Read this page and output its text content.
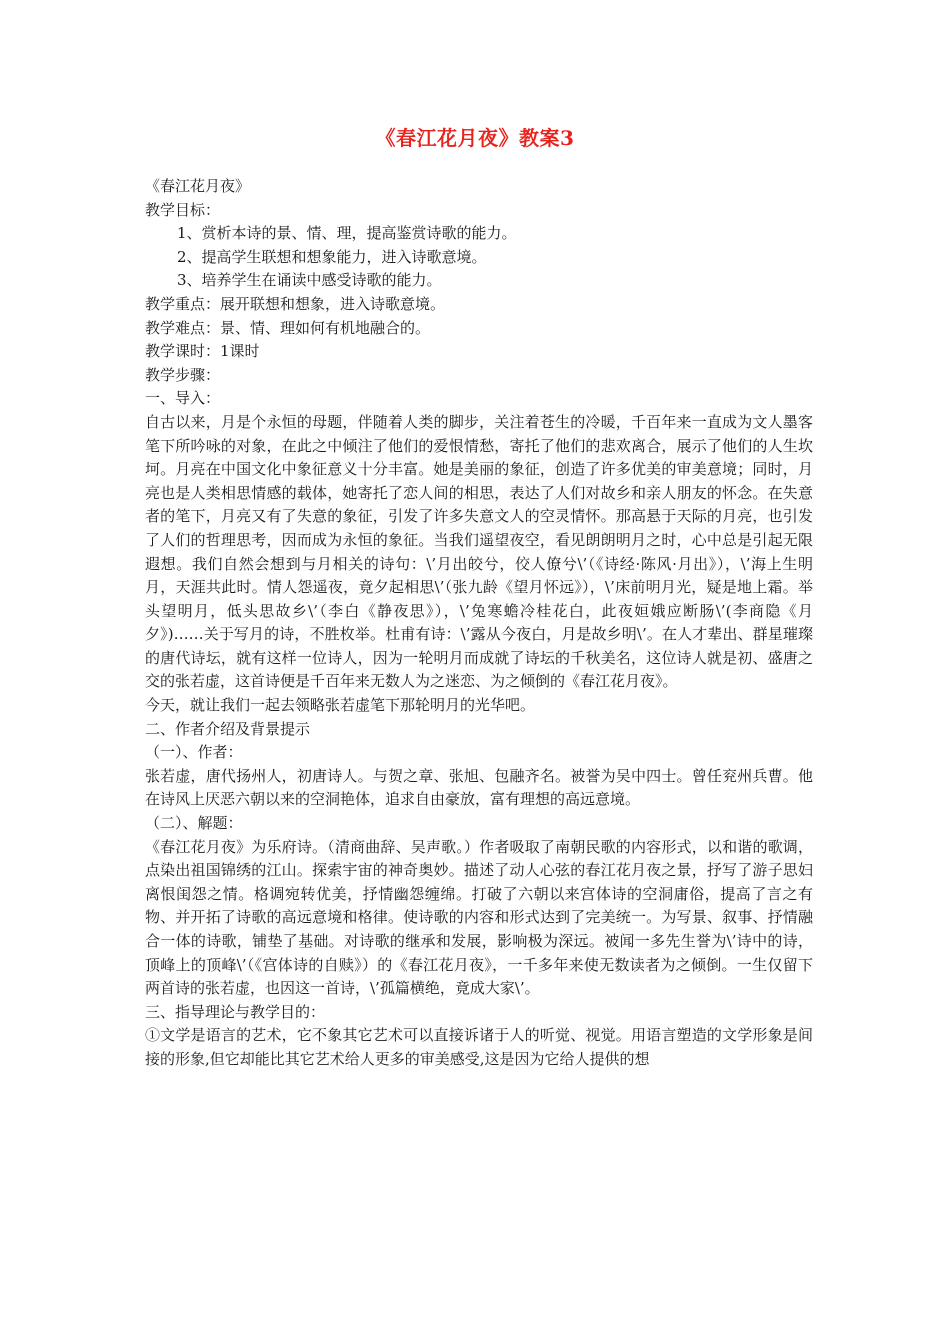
《春江花月夜》教案3

《春江花月夜》

教学目标：

1、赏析本诗的景、情、理，提高鉴赏诗歌的能力。

2、提高学生联想和想象能力，进入诗歌意境。

3、培养学生在诵读中感受诗歌的能力。

教学重点：展开联想和想象，进入诗歌意境。

教学难点：景、情、理如何有机地融合的。

教学课时：1课时

教学步骤：

一、导入：

自古以来，月是个永恒的母题，伴随着人类的脚步，关注着苍生的冷暖，千百年来一直成为文人墨客笔下所吟咏的对象，在此之中倾注了他们的爱恨情愁，寄托了他们的悲欢离合，展示了他们的人生坎坷。月亮在中国文化中象征意义十分丰富。她是美丽的象征，创造了许多优美的审美意境；同时，月亮也是人类相思情感的载体，她寄托了恋人间的相思，表达了人们对故乡和亲人朋友的怀念。在失意者的笔下，月亮又有了失意的象征，引发了许多失意文人的空灵情怀。那高悬于天际的月亮，也引发了人们的哲理思考，因而成为永恒的象征。当我们遥望夜空，看见朗朗明月之时，心中总是引起无限遐想。我们自然会想到与月相关的诗句：\’月出皎兮，佼人僚兮\’（《诗经·陈风·月出》），\’海上生明月，天涯共此时。情人怨遥夜，竟夕起相思\’（张九龄《望月怀远》），\’床前明月光，疑是地上霜。举头望明月，低头思故乡\’（李白《静夜思》），\’兔寒蟾冷桂花白，此夜姮娥应断肠\’(李商隐《月夕》)……关于写月的诗，不胜枚举。杜甫有诗：\’露从今夜白，月是故乡明\’。在人才辈出、群星璀璨的唐代诗坛，就有这样一位诗人，因为一轮明月而成就了诗坛的千秋美名，这位诗人就是初、盛唐之交的张若虚，这首诗便是千百年来无数人为之迷恋、为之倾倒的《春江花月夜》。

今天，就让我们一起去领略张若虚笔下那轮明月的光华吧。

二、作者介绍及背景提示

（一）、作者：

张若虚，唐代扬州人，初唐诗人。与贺之章、张旭、包融齐名。被誉为吴中四士。曾任兖州兵曹。他在诗风上厌恶六朝以来的空洞艳体，追求自由豪放，富有理想的高远意境。

（二）、解题：

《春江花月夜》为乐府诗。（清商曲辞、吴声歌。）作者吸取了南朝民歌的内容形式，以和谐的歌调，点染出祖国锦绣的江山。探索宇宙的神奇奥妙。描述了动人心弦的春江花月夜之景，抒写了游子思妇离恨闺怨之情。格调宛转优美，抒情幽怨缠绵。打破了六朝以来宫体诗的空洞庸俗，提高了言之有物、并开拓了诗歌的高远意境和格律。使诗歌的内容和形式达到了完美统一。为写景、叙事、抒情融合一体的诗歌，铺垫了基础。对诗歌的继承和发展，影响极为深远。被闻一多先生誉为\’诗中的诗，顶峰上的顶峰\’（《宫体诗的自赎》）的《春江花月夜》，一千多年来使无数读者为之倾倒。一生仅留下两首诗的张若虚，也因这一首诗，\’孤篇横绝，竟成大家\’。

三、指导理论与教学目的：

①文学是语言的艺术，它不象其它艺术可以直接诉诸于人的听觉、视觉。用语言塑造的文学形象是间接的形象,但它却能比其它艺术给人更多的审美感受,这是因为它给人提供的想
